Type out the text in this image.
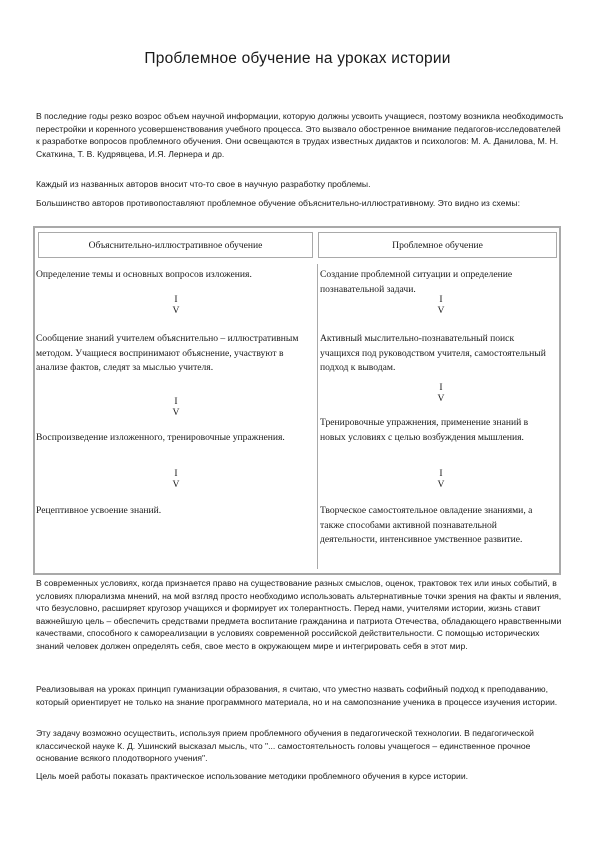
Проблемное обучение на уроках истории

В последние годы резко возрос объем научной информации, которую должны усвоить учащиеся, поэтому возникла необходимость перестройки и коренного усовершенствования учебного процесса. Это вызвало обостренное внимание педагогов-исследователей к разработке вопросов проблемного обучения. Они освещаются в трудах известных дидактов и психологов: М. А. Данилова, М. Н. Скаткина, Т. В. Кудрявцева, И.Я. Лернера и др.

Каждый из названных авторов вносит что-то свое в научную разработку проблемы.

Большинство авторов противопоставляют проблемное обучение объяснительно-иллюстративному. Это видно из схемы:

Объяснительно-иллюстративное обучение	Проблемное обучение
Определение темы и основных вопросов изложения.
I
V
Сообщение знаний учителем объяснительно – иллюстративным методом. Учащиеся воспринимают объяснение, участвуют в анализе фактов, следят за мыслью учителя.
I
V
Воспроизведение изложенного, тренировочные упражнения.
I
V
Рецептивное усвоение знаний.
Создание проблемной ситуации и определение познавательной задачи.
I
V
Активный мыслительно-познавательный поиск учащихся под руководством учителя, самостоятельный подход к выводам.
I
V
Тренировочные упражнения, применение знаний в новых условиях с целью возбуждения мышления.
I
V
Творческое самостоятельное овладение знаниями, а также способами активной познавательной деятельности, интенсивное умственное развитие.

В современных условиях, когда признается право на существование разных смыслов, оценок, трактовок тех или иных событий, в условиях плюрализма мнений, на мой взгляд просто необходимо использовать альтернативные точки зрения на факты и явления, что безусловно, расширяет кругозор учащихся и формирует их толерантность. Перед нами, учителями истории, жизнь ставит важнейшую цель – обеспечить средствами предмета воспитание гражданина и патриота Отечества, обладающего нравственными качествами, способного к самореализации в условиях современной российской действительности. С помощью исторических знаний человек должен определять себя, свое место в окружающем мире и интегрировать себя в этот мир.

Реализовывая на уроках принцип гуманизации образования, я считаю, что уместно назвать софийный подход к преподаванию, который ориентирует не только на знание программного материала, но и на самопознание ученика в процессе изучения истории.

Эту задачу возможно осуществить, используя прием проблемного обучения в педагогической технологии. В педагогической классической науке К. Д. Ушинский высказал мысль, что "... самостоятельность головы учащегося – единственное прочное основание всякого плодотворного учения".

Цель моей работы показать практическое использование методики проблемного обучения в курсе истории.
